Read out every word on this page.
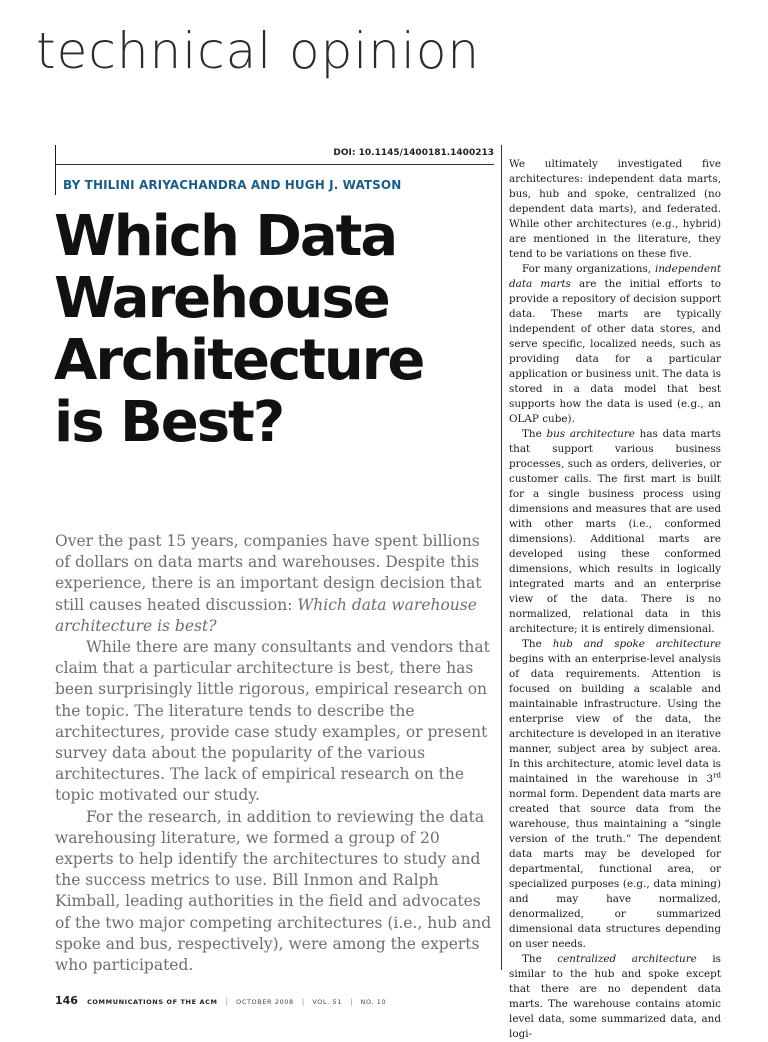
technical opinion
DOI: 10.1145/1400181.1400213
BY THILINI ARIYACHANDRA AND HUGH J. WATSON
Which Data
Warehouse
Architecture
is Best?

Over the past 15 years, companies have spent billions of dollars on data marts and warehouses. Despite this experience, there is an important design decision that still causes heated discussion: Which data warehouse architecture is best?

While there are many consultants and vendors that claim that a particular architecture is best, there has been surprisingly little rigorous, empirical research on the topic. The literature tends to describe the architectures, provide case study examples, or present survey data about the popularity of the various architectures. The lack of empirical research on the topic motivated our study.

For the research, in addition to reviewing the data warehousing literature, we formed a group of 20 experts to help identify the architectures to study and the success metrics to use. Bill Inmon and Ralph Kimball, leading authorities in the field and advocates of the two major competing architectures (i.e., hub and spoke and bus, respectively), were among the experts who participated.

We ultimately investigated five architectures: independent data marts, bus, hub and spoke, centralized (no dependent data marts), and federated. While other architectures (e.g., hybrid) are mentioned in the literature, they tend to be variations on these five.

For many organizations, independent data marts are the initial efforts to provide a repository of decision support data. These marts are typically independent of other data stores, and serve specific, localized needs, such as providing data for a particular application or business unit. The data is stored in a data model that best supports how the data is used (e.g., an OLAP cube).

The bus architecture has data marts that support various business processes, such as orders, deliveries, or customer calls. The first mart is built for a single business process using dimensions and measures that are used with other marts (i.e., conformed dimensions). Additional marts are developed using these conformed dimensions, which results in logically integrated marts and an enterprise view of the data. There is no normalized, relational data in this architecture; it is entirely dimensional.

The hub and spoke architecture begins with an enterprise-level analysis of data requirements. Attention is focused on building a scalable and maintainable infrastructure. Using the enterprise view of the data, the architecture is developed in an iterative manner, subject area by subject area. In this architecture, atomic level data is maintained in the warehouse in 3rd normal form. Dependent data marts are created that source data from the warehouse, thus maintaining a “single version of the truth.” The dependent data marts may be developed for departmental, functional area, or specialized purposes (e.g., data mining) and may have normalized, denormalized, or summarized dimensional data structures depending on user needs.

The centralized architecture is similar to the hub and spoke except that there are no dependent data marts. The warehouse contains atomic level data, some summarized data, and logi-

146 COMMUNICATIONS OF THE ACM | OCTOBER 2008 | VOL. 51 | NO. 10
